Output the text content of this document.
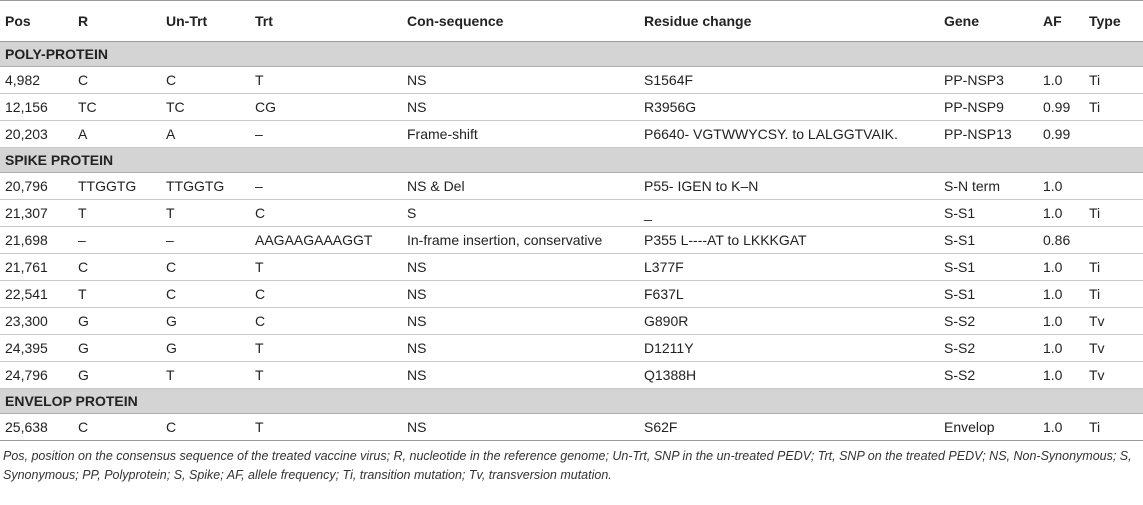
Pos	R	Un-Trt	Trt	Con-sequence	Residue change	Gene	AF	Type
POLY-PROTEIN								
4,982	C	C	T	NS	S1564F	PP-NSP3	1.0	Ti
12,156	TC	TC	CG	NS	R3956G	PP-NSP9	0.99	Ti
20,203	A	A	–	Frame-shift	P6640- VGTWWYCSY. to LALGGTVAIK.	PP-NSP13	0.99	
SPIKE PROTEIN								
20,796	TTGGTG	TTGGTG	–	NS & Del	P55- IGEN to K–N	S-N term	1.0	
21,307	T	T	C	S	_	S-S1	1.0	Ti
21,698	–	–	AAGAAGAAAGGT	In-frame insertion, conservative	P355 L----AT to LKKKGAT	S-S1	0.86	
21,761	C	C	T	NS	L377F	S-S1	1.0	Ti
22,541	T	C	C	NS	F637L	S-S1	1.0	Ti
23,300	G	G	C	NS	G890R	S-S2	1.0	Tv
24,395	G	G	T	NS	D1211Y	S-S2	1.0	Tv
24,796	G	T	T	NS	Q1388H	S-S2	1.0	Tv
ENVELOP PROTEIN								
25,638	C	C	T	NS	S62F	Envelop	1.0	Ti
Pos, position on the consensus sequence of the treated vaccine virus; R, nucleotide in the reference genome; Un-Trt, SNP in the un-treated PEDV; Trt, SNP on the treated PEDV; NS, Non-Synonymous; S, Synonymous; PP, Polyprotein; S, Spike; AF, allele frequency; Ti, transition mutation; Tv, transversion mutation.
